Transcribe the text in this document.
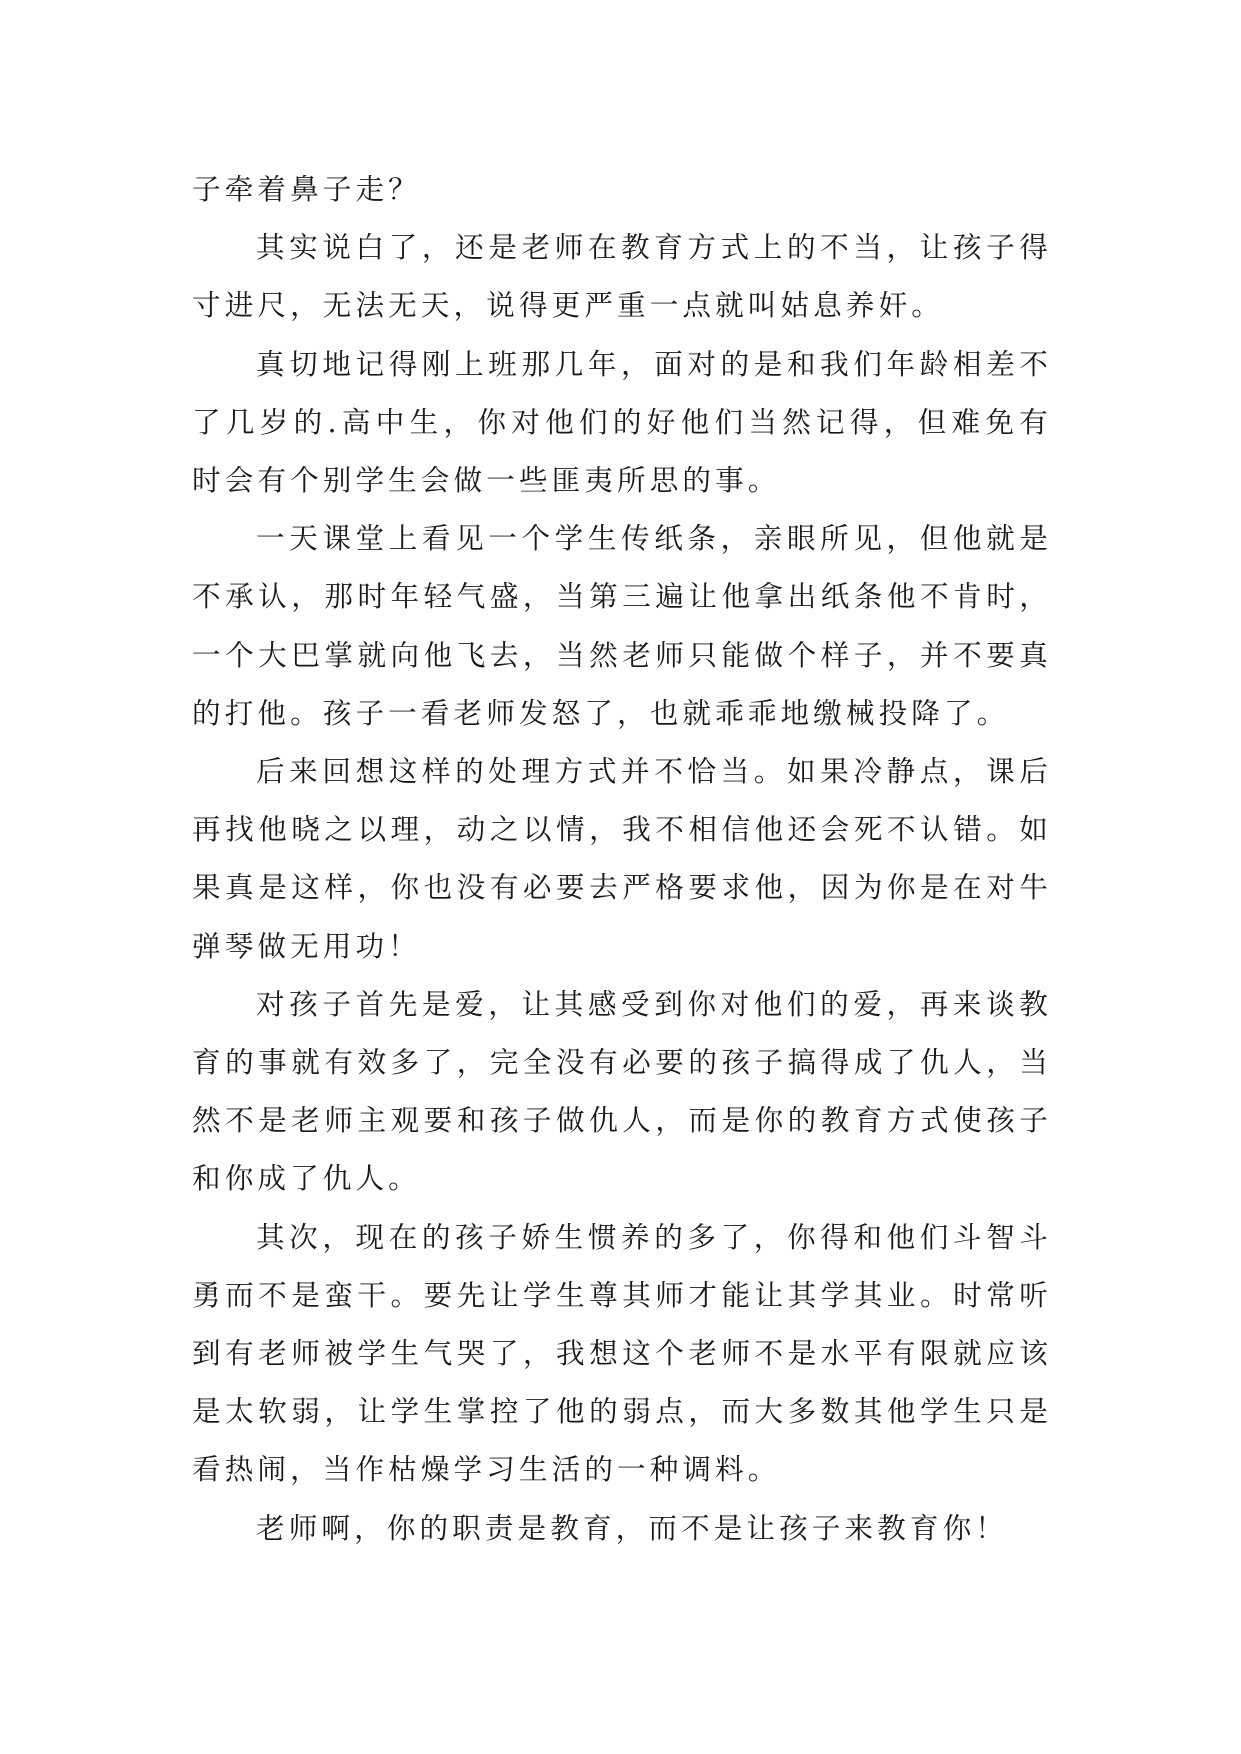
子牵着鼻子走？

其实说白了，还是老师在教育方式上的不当，让孩子得寸进尺，无法无天，说得更严重一点就叫姑息养奸。

真切地记得刚上班那几年，面对的是和我们年龄相差不了几岁的.高中生，你对他们的好他们当然记得，但难免有时会有个别学生会做一些匪夷所思的事。

一天课堂上看见一个学生传纸条，亲眼所见，但他就是不承认，那时年轻气盛，当第三遍让他拿出纸条他不肯时，一个大巴掌就向他飞去，当然老师只能做个样子，并不要真的打他。孩子一看老师发怒了，也就乖乖地缴械投降了。

后来回想这样的处理方式并不恰当。如果冷静点，课后再找他晓之以理，动之以情，我不相信他还会死不认错。如果真是这样，你也没有必要去严格要求他，因为你是在对牛弹琴做无用功！

对孩子首先是爱，让其感受到你对他们的爱，再来谈教育的事就有效多了，完全没有必要的孩子搞得成了仇人，当然不是老师主观要和孩子做仇人，而是你的教育方式使孩子和你成了仇人。

其次，现在的孩子娇生惯养的多了，你得和他们斗智斗勇而不是蛮干。要先让学生尊其师才能让其学其业。时常听到有老师被学生气哭了，我想这个老师不是水平有限就应该是太软弱，让学生掌控了他的弱点，而大多数其他学生只是看热闹，当作枯燥学习生活的一种调料。

老师啊，你的职责是教育，而不是让孩子来教育你！
